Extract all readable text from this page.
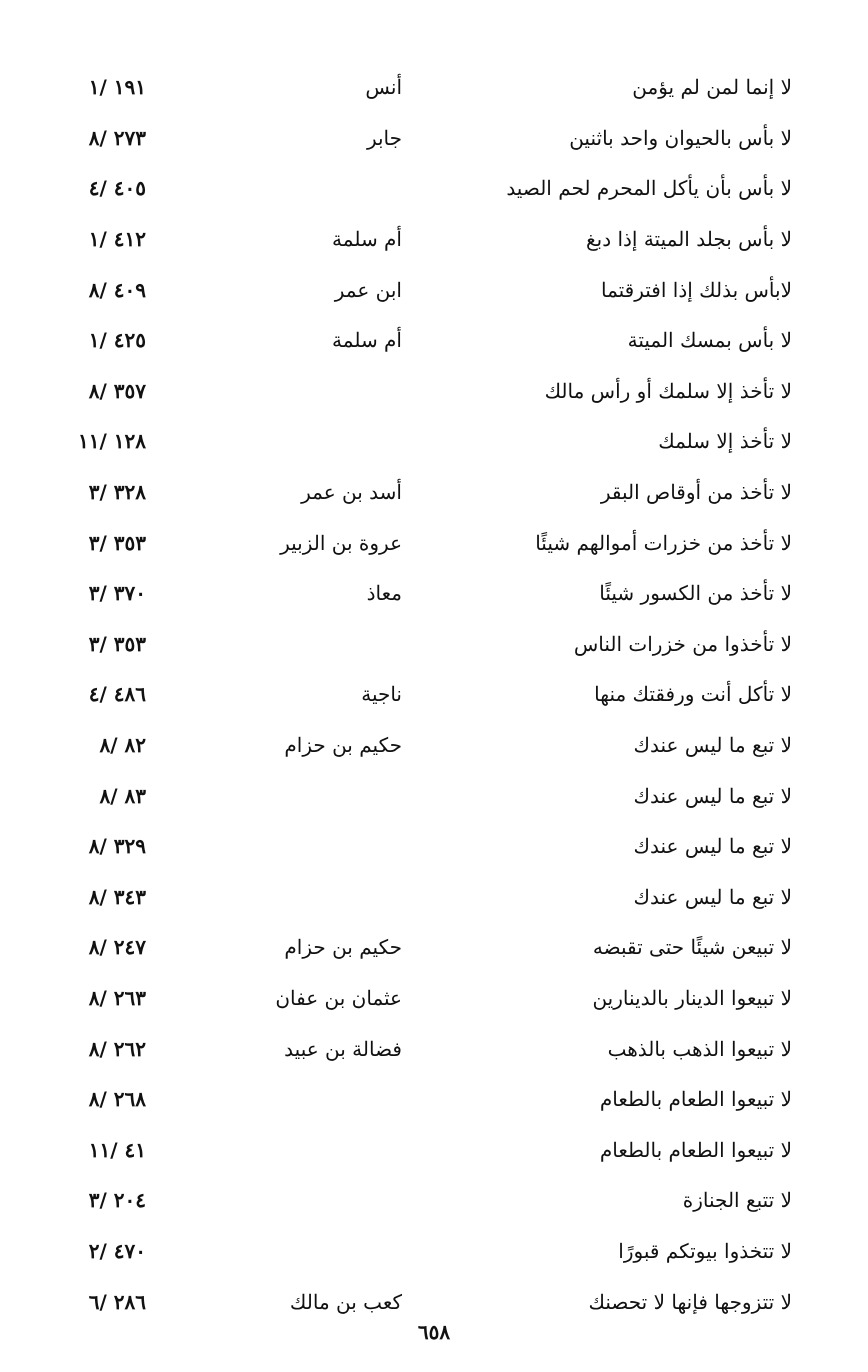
لا إنما لمن لم يؤمن
أنس
١٩١ /١
لا بأس بالحيوان واحد باثنين
جابر
٢٧٣ /٨
لا بأس بأن يأكل المحرم لحم الصيد
٤٠٥ /٤
لا بأس بجلد الميتة إذا دبغ
أم سلمة
٤١٢ /١
لابأس بذلك إذا افترقتما
ابن عمر
٤٠٩ /٨
لا بأس بمسك الميتة
أم سلمة
٤٢٥ /١
لا تأخذ إلا سلمك أو رأس مالك
٣٥٧ /٨
لا تأخذ إلا سلمك
١٢٨ /١١
لا تأخذ من أوقاص البقر
أسد بن عمر
٣٢٨ /٣
لا تأخذ من خزرات أموالهم شيئًا
عروة بن الزبير
٣٥٣ /٣
لا تأخذ من الكسور شيئًا
معاذ
٣٧٠ /٣
لا تأخذوا من خزرات الناس
٣٥٣ /٣
لا تأكل أنت ورفقتك منها
ناجية
٤٨٦ /٤
لا تبع ما ليس عندك
حكيم بن حزام
٨٢ /٨
لا تبع ما ليس عندك
٨٣ /٨
لا تبع ما ليس عندك
٣٢٩ /٨
لا تبع ما ليس عندك
٣٤٣ /٨
لا تبيعن شيئًا حتى تقبضه
حكيم بن حزام
٢٤٧ /٨
لا تبيعوا الدينار بالدينارين
عثمان بن عفان
٢٦٣ /٨
لا تبيعوا الذهب بالذهب
فضالة بن عبيد
٢٦٢ /٨
لا تبيعوا الطعام بالطعام
٢٦٨ /٨
لا تبيعوا الطعام بالطعام
٤١ /١١
لا تتبع الجنازة
٢٠٤ /٣
لا تتخذوا بيوتكم قبورًا
٤٧٠ /٢
لا تتزوجها فإنها لا تحصنك
كعب بن مالك
٢٨٦ /٦
٦٥٨
